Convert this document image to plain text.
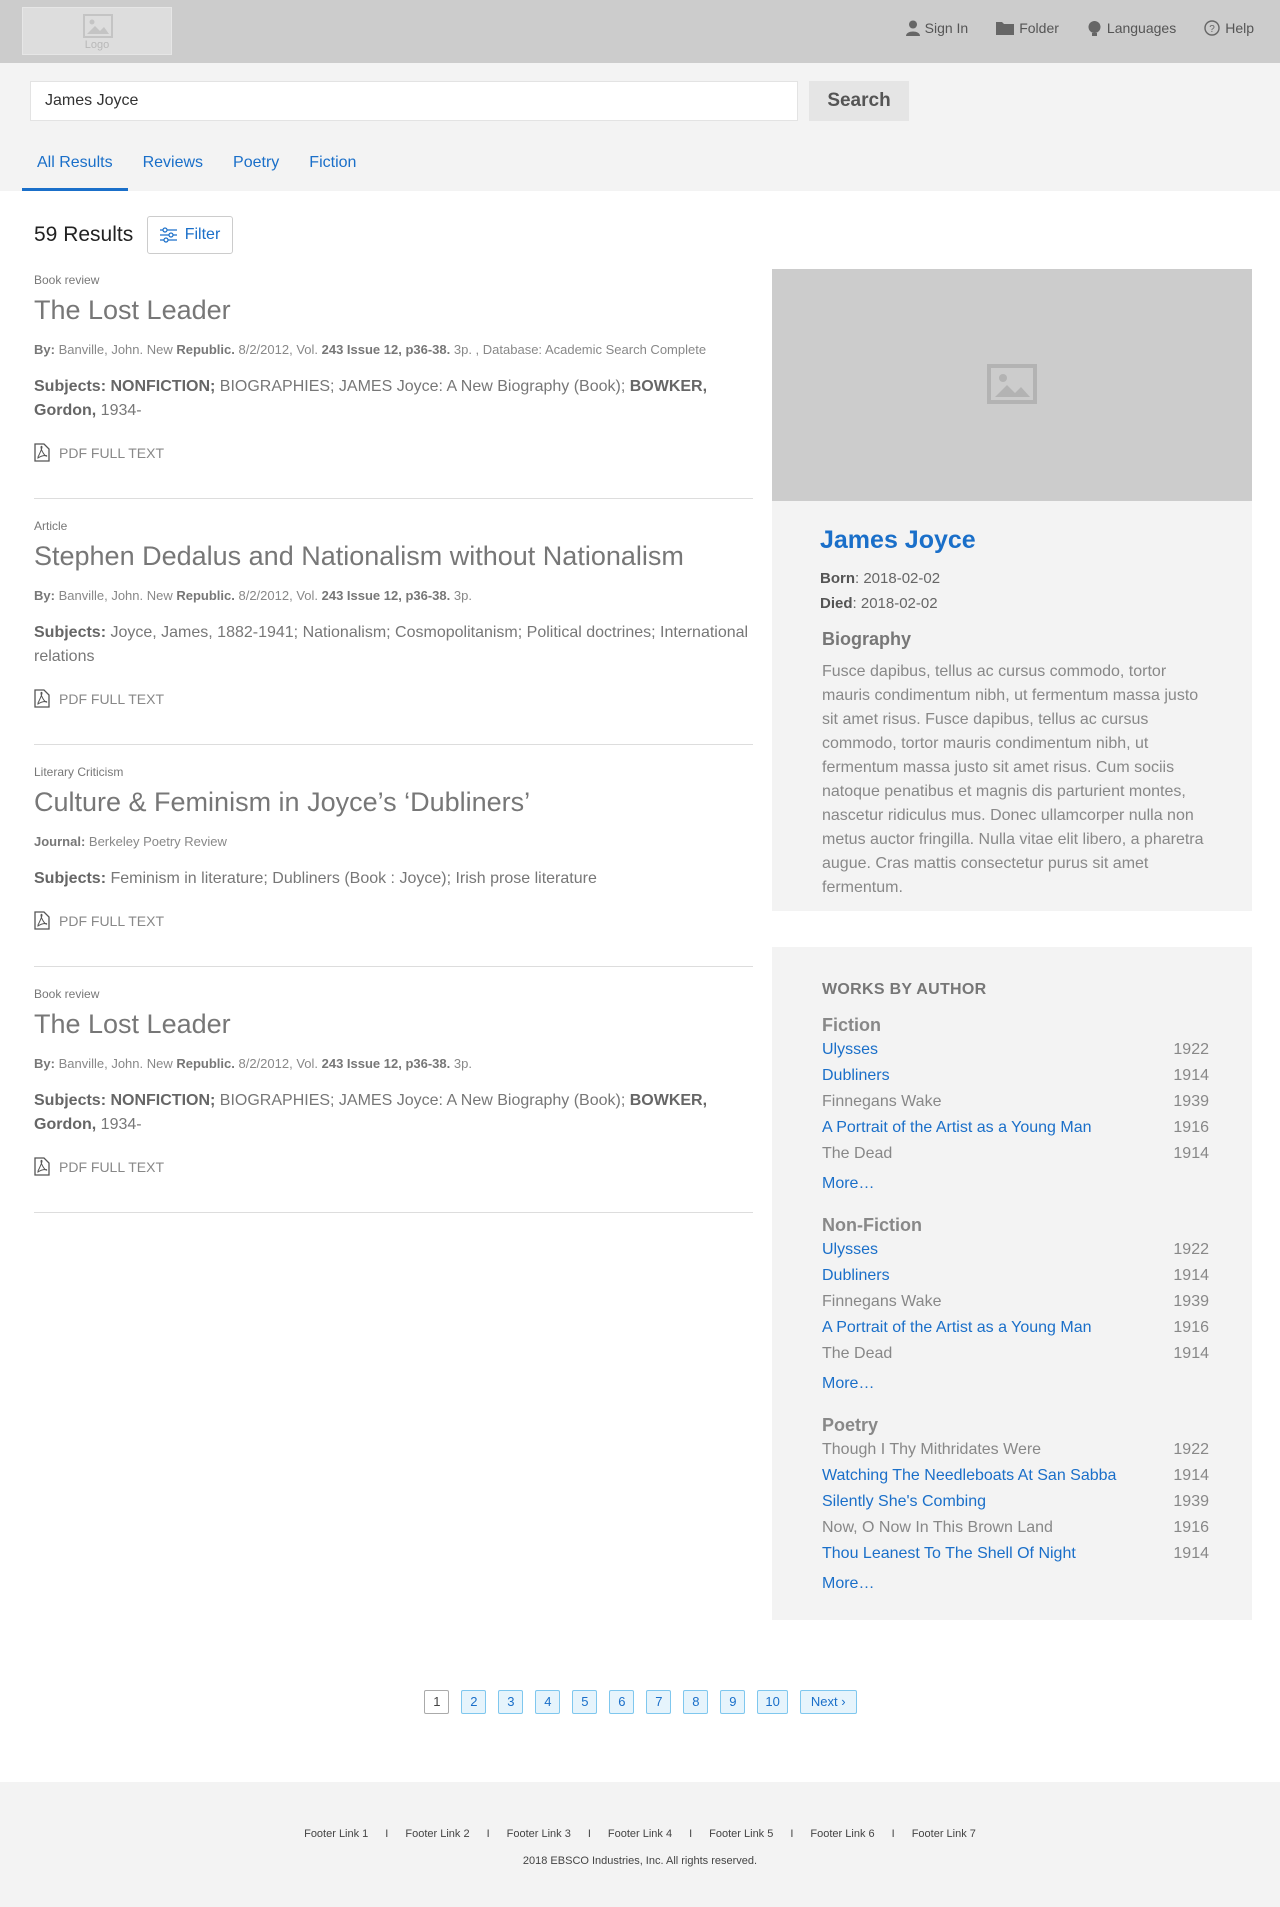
Logo
Sign In	Folder	Languages	? Help
James Joyce
Search
All Results	Reviews	Poetry	Fiction
59 Results	Filter
Book review
The Lost Leader
By: Banville, John. New Republic. 8/2/2012, Vol. 243 Issue 12, p36-38. 3p. , Database: Academic Search Complete
Subjects: NONFICTION; BIOGRAPHIES; JAMES Joyce: A New Biography (Book); BOWKER, Gordon, 1934-
PDF FULL TEXT
Article
Stephen Dedalus and Nationalism without Nationalism
By: Banville, John. New Republic. 8/2/2012, Vol. 243 Issue 12, p36-38. 3p.
Subjects: Joyce, James, 1882-1941; Nationalism; Cosmopolitanism; Political doctrines; International relations
PDF FULL TEXT
Literary Criticism
Culture & Feminism in Joyce’s ‘Dubliners’
Journal: Berkeley Poetry Review
Subjects: Feminism in literature; Dubliners (Book : Joyce); Irish prose literature
PDF FULL TEXT
Book review
The Lost Leader
By: Banville, John. New Republic. 8/2/2012, Vol. 243 Issue 12, p36-38. 3p.
Subjects: NONFICTION; BIOGRAPHIES; JAMES Joyce: A New Biography (Book); BOWKER, Gordon, 1934-
PDF FULL TEXT
James Joyce
Born: 2018-02-02
Died: 2018-02-02
Biography
Fusce dapibus, tellus ac cursus commodo, tortor mauris condimentum nibh, ut fermentum massa justo sit amet risus. Fusce dapibus, tellus ac cursus commodo, tortor mauris condimentum nibh, ut fermentum massa justo sit amet risus. Cum sociis natoque penatibus et magnis dis parturient montes, nascetur ridiculus mus. Donec ullamcorper nulla non metus auctor fringilla. Nulla vitae elit libero, a pharetra augue. Cras mattis consectetur purus sit amet fermentum.
WORKS BY AUTHOR
Fiction
Ulysses	1922
Dubliners	1914
Finnegans Wake	1939
A Portrait of the Artist as a Young Man	1916
The Dead	1914
More…
Non-Fiction
Ulysses	1922
Dubliners	1914
Finnegans Wake	1939
A Portrait of the Artist as a Young Man	1916
The Dead	1914
More…
Poetry
Though I Thy Mithridates Were	1922
Watching The Needleboats At San Sabba	1914
Silently She's Combing	1939
Now, O Now In This Brown Land	1916
Thou Leanest To The Shell Of Night	1914
More…
1	2	3	4	5	6	7	8	9	10	Next ›
Footer Link 1 I Footer Link 2 I Footer Link 3 I Footer Link 4 I Footer Link 5 I Footer Link 6 I Footer Link 7
2018 EBSCO Industries, Inc. All rights reserved.
